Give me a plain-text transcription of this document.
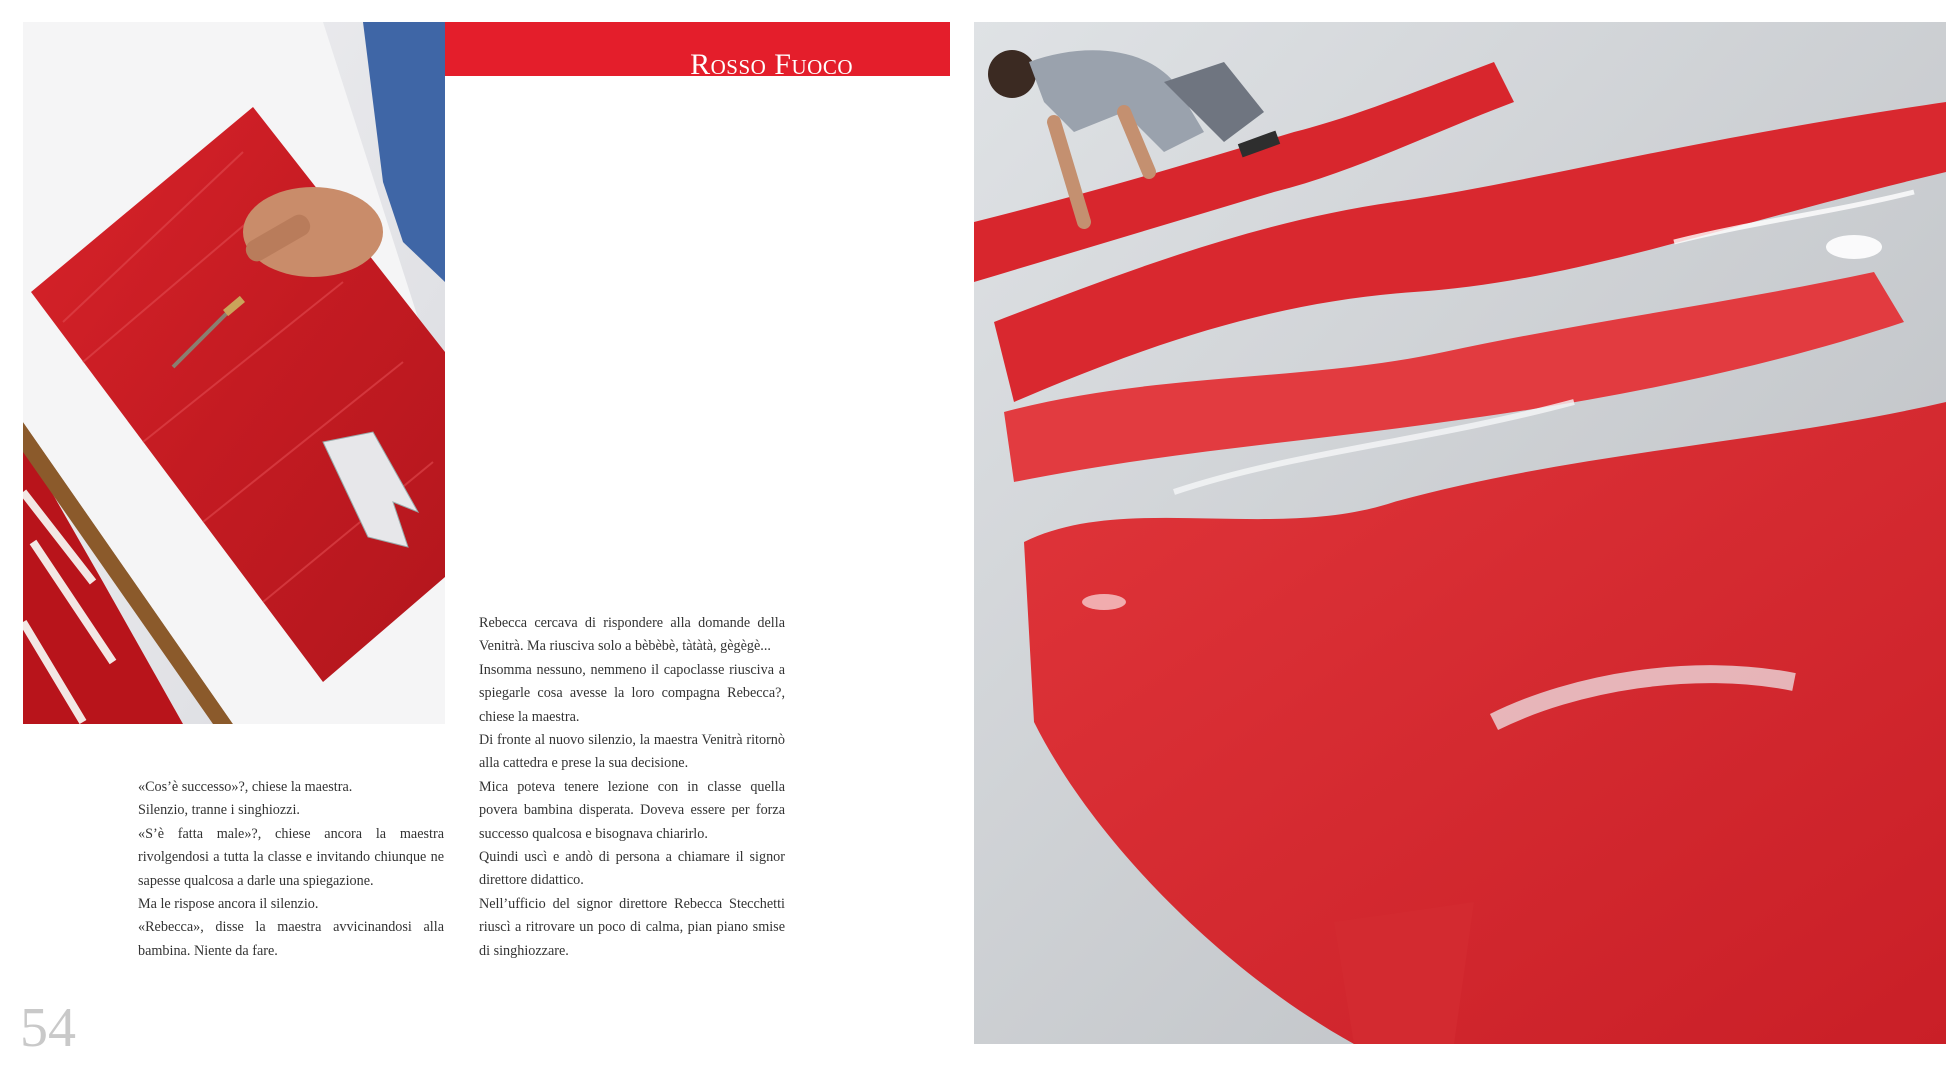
Rosso Fuoco

«Cos’è successo»?, chiese la maestra.

Silenzio, tranne i singhiozzi.

«S’è fatta male»?, chiese ancora la maestra rivolgendosi a tutta la classe e invitando chiunque ne sapesse qualcosa a darle una spiegazione.

Ma le rispose ancora il silenzio.

«Rebecca», disse la maestra avvicinandosi alla bambina. Niente da fare.

Rebecca cercava di rispondere alla domande della Venitrà. Ma riusciva solo a bèbèbè, tàtàtà, gègègè...

Insomma nessuno, nemmeno il capoclasse riusciva a spiegarle cosa avesse la loro compagna Rebecca?, chiese la maestra.

Di fronte al nuovo silenzio, la maestra Venitrà ritornò alla cattedra e prese la sua decisione.

Mica poteva tenere lezione con in classe quella povera bambina disperata. Doveva essere per forza successo qualcosa e bisognava chiarirlo.

Quindi uscì e andò di persona a chiamare il signor direttore didattico.

Nell’ufficio del signor direttore Rebecca Stecchetti riuscì a ritrovare un poco di calma, pian piano smise di singhiozzare.

54
